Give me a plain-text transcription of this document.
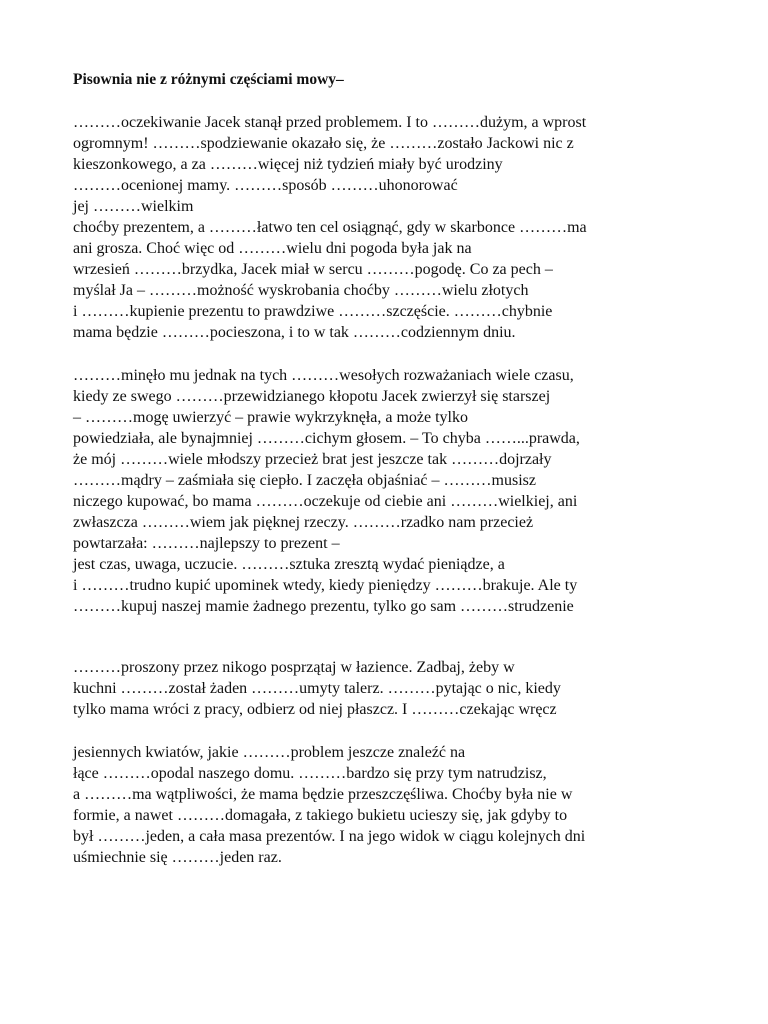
Pisownia nie z różnymi częściami mowy–
………oczekiwanie Jacek stanął przed problemem. I to ………dużym, a wprost
ogromnym! ………spodziewanie okazało się, że ………zostało Jackowi nic z
kieszonkowego, a za ………więcej niż tydzień miały być urodziny
………ocenionej mamy. ………sposób ………uhonorować
jej ………wielkim
choćby prezentem, a ………łatwo ten cel osiągnąć, gdy w skarbonce ………ma
ani grosza. Choć więc od ………wielu dni pogoda była jak na
wrzesień ………brzydka, Jacek miał w sercu ………pogodę. Co za pech –
myślał Ja – ………możność wyskrobania choćby ………wielu złotych
i ………kupienie prezentu to prawdziwe ………szczęście. ………chybnie
mama będzie ………pocieszona, i to w tak ………codziennym dniu.
………minęło mu jednak na tych ………wesołych rozważaniach wiele czasu,
kiedy ze swego ………przewidzianego kłopotu Jacek zwierzył się starszej
– ………mogę uwierzyć – prawie wykrzyknęła, a może tylko
powiedziała, ale bynajmniej ………cichym głosem. – To chyba ……...prawda,
że mój ………wiele młodszy przecież brat jest jeszcze tak ………dojrzały
………mądry – zaśmiała się ciepło. I zaczęła objaśniać – ………musisz
niczego kupować, bo mama ………oczekuje od ciebie ani ………wielkiej, ani
zwłaszcza ………wiem jak pięknej rzeczy. ………rzadko nam przecież
powtarzała: ………najlepszy to prezent –
jest czas, uwaga, uczucie. ………sztuka zresztą wydać pieniądze, a
i ………trudno kupić upominek wtedy, kiedy pieniędzy ………brakuje. Ale ty
………kupuj naszej mamie żadnego prezentu, tylko go sam ………strudzenie
………proszony przez nikogo posprzątaj w łazience. Zadbaj, żeby w
kuchni ………został żaden ………umyty talerz. ………pytając o nic, kiedy
tylko mama wróci z pracy, odbierz od niej płaszcz. I ………czekając wręcz
jesiennych kwiatów, jakie ………problem jeszcze znaleźć na
łące ………opodal naszego domu. ………bardzo się przy tym natrudzisz,
a ………ma wątpliwości, że mama będzie przeszczęśliwa. Choćby była nie w
formie, a nawet ………domagała, z takiego bukietu ucieszy się, jak gdyby to
był ………jeden, a cała masa prezentów. I na jego widok w ciągu kolejnych dni
uśmiechnie się ………jeden raz.
